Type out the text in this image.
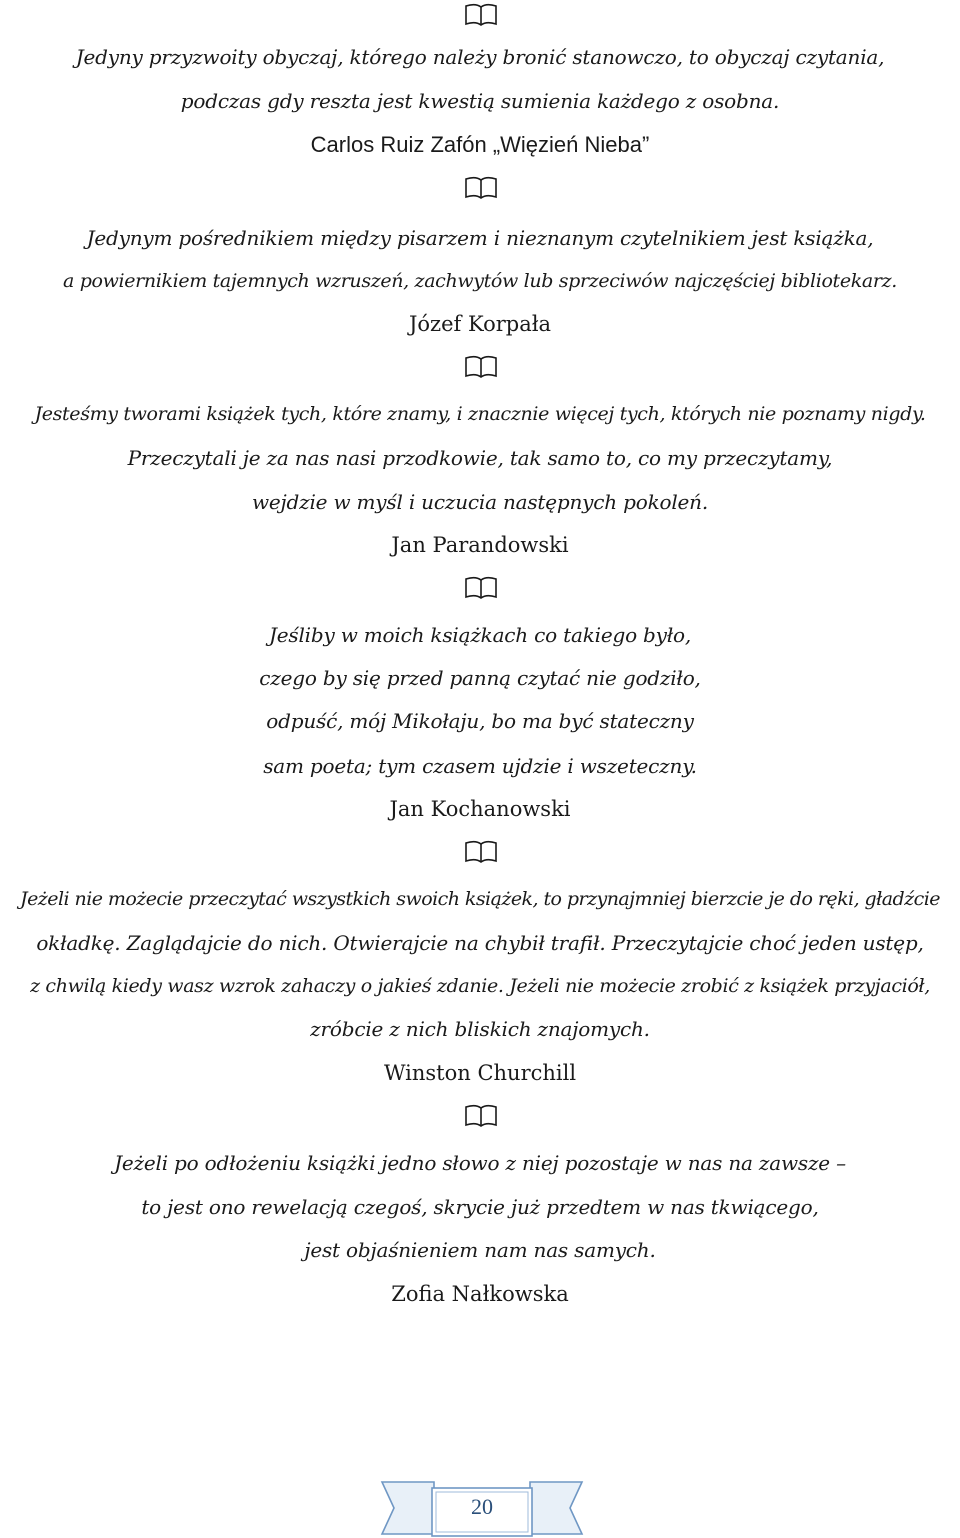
Jedyny przyzwoity obyczaj, którego należy bronić stanowczo, to obyczaj czytania,
podczas gdy reszta jest kwestią sumienia każdego z osobna.
Carlos Ruiz Zafón „Więzień Nieba”
Jedynym pośrednikiem między pisarzem i nieznanym czytelnikiem jest książka,
a powiernikiem tajemnych wzruszeń, zachwytów lub sprzeciwów najczęściej bibliotekarz.
Józef Korpała
Jesteśmy tworami książek tych, które znamy, i znacznie więcej tych, których nie poznamy nigdy.
Przeczytali je za nas nasi przodkowie, tak samo to, co my przeczytamy,
wejdzie w myśl i uczucia następnych pokoleń.
Jan Parandowski
Jeśliby w moich książkach co takiego było,
czego by się przed panną czytać nie godziło,
odpuść, mój Mikołaju, bo ma być stateczny
sam poeta; tym czasem ujdzie i wszeteczny.
Jan Kochanowski
Jeżeli nie możecie przeczytać wszystkich swoich książek, to przynajmniej bierzcie je do ręki, gładźcie
okładkę. Zaglądajcie do nich. Otwierajcie na chybił trafił. Przeczytajcie choć jeden ustęp,
z chwilą kiedy wasz wzrok zahaczy o jakieś zdanie. Jeżeli nie możecie zrobić z książek przyjaciół,
zróbcie z nich bliskich znajomych.
Winston Churchill
Jeżeli po odłożeniu książki jedno słowo z niej pozostaje w nas na zawsze –
to jest ono rewelacją czegoś, skrycie już przedtem w nas tkwiącego,
jest objaśnieniem nam nas samych.
Zofia Nałkowska
20
